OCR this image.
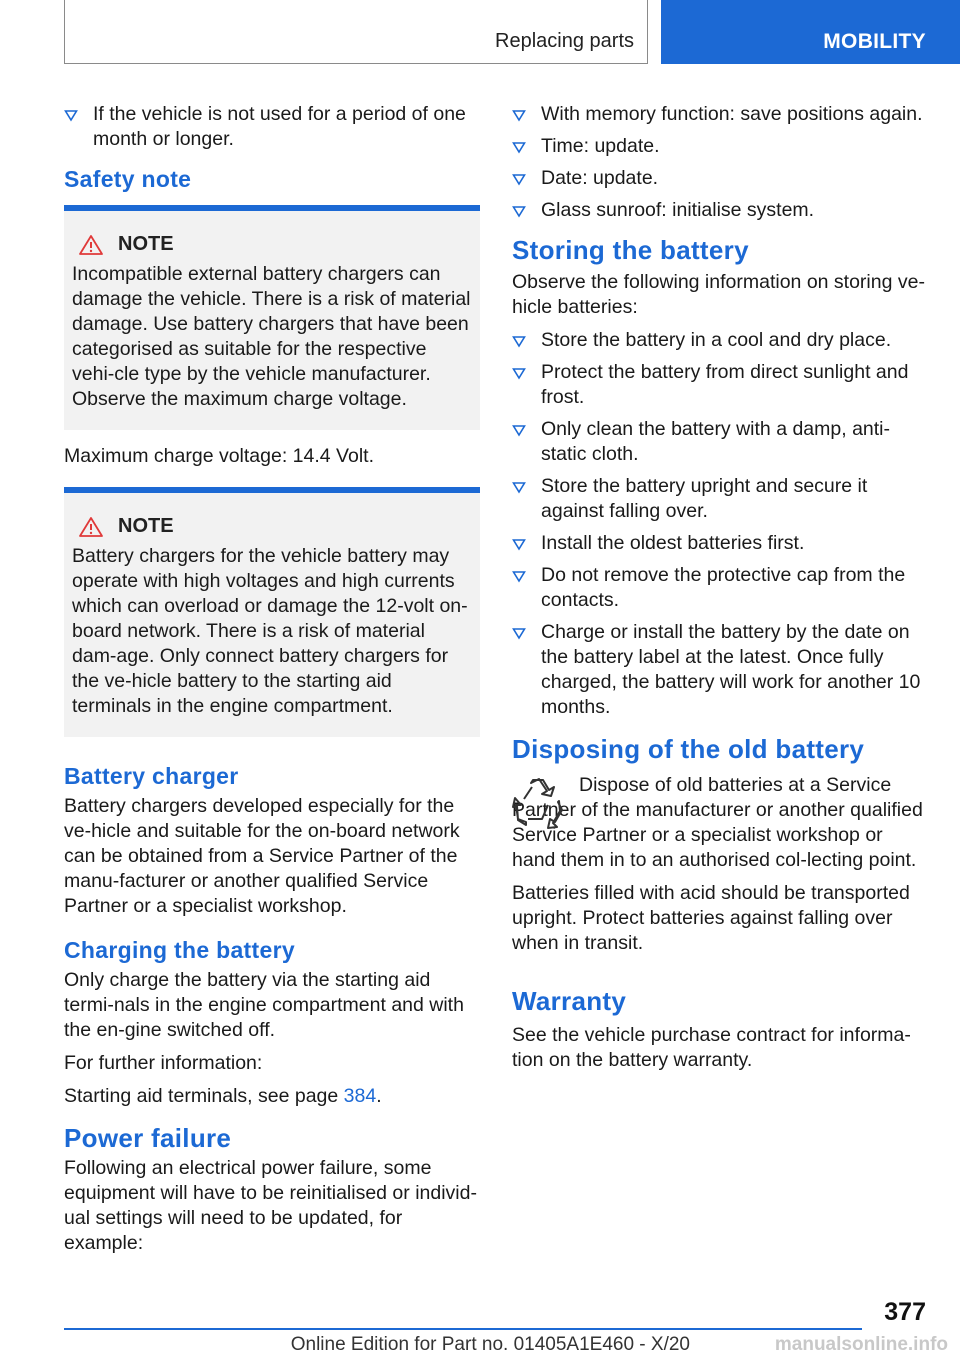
Replacing parts	MOBILITY
If the vehicle is not used for a period of one month or longer.
Safety note
NOTE

Incompatible external battery chargers can damage the vehicle. There is a risk of material damage. Use battery chargers that have been categorised as suitable for the respective vehi‐cle type by the vehicle manufacturer. Observe the maximum charge voltage.

Maximum charge voltage: 14.4 Volt.

NOTE

Battery chargers for the vehicle battery may operate with high voltages and high currents which can overload or damage the 12‑volt on‐board network. There is a risk of material dam‐age. Only connect battery chargers for the ve‐hicle battery to the starting aid terminals in the engine compartment.

Battery charger

Battery chargers developed especially for the ve‐hicle and suitable for the on-board network can be obtained from a Service Partner of the manu‐facturer or another qualified Service Partner or a specialist workshop.

Charging the battery

Only charge the battery via the starting aid termi‐nals in the engine compartment and with the en‐gine switched off.

For further information:

Starting aid terminals, see page 384.

Power failure

Following an electrical power failure, some equipment will have to be reinitialised or individ‐ual settings will need to be updated, for example:

With memory function: save positions again.
Time: update.
Date: update.
Glass sunroof: initialise system.
Storing the battery

Observe the following information on storing ve‐hicle batteries:

Store the battery in a cool and dry place.
Protect the battery from direct sunlight and frost.
Only clean the battery with a damp, anti-static cloth.
Store the battery upright and secure it against falling over.
Install the oldest batteries first.
Do not remove the protective cap from the contacts.
Charge or install the battery by the date on the battery label at the latest. Once fully charged, the battery will work for another 10 months.
Disposing of the old battery

Dispose of old batteries at a Service Partner of the manufacturer or another qualified Service Partner or a specialist workshop or hand them in to an authorised col‐lecting point.

Batteries filled with acid should be transported upright. Protect batteries against falling over when in transit.

Warranty

See the vehicle purchase contract for informa‐tion on the battery warranty.

377
Online Edition for Part no. 01405A1E460 - X/20	manualsonline.info
